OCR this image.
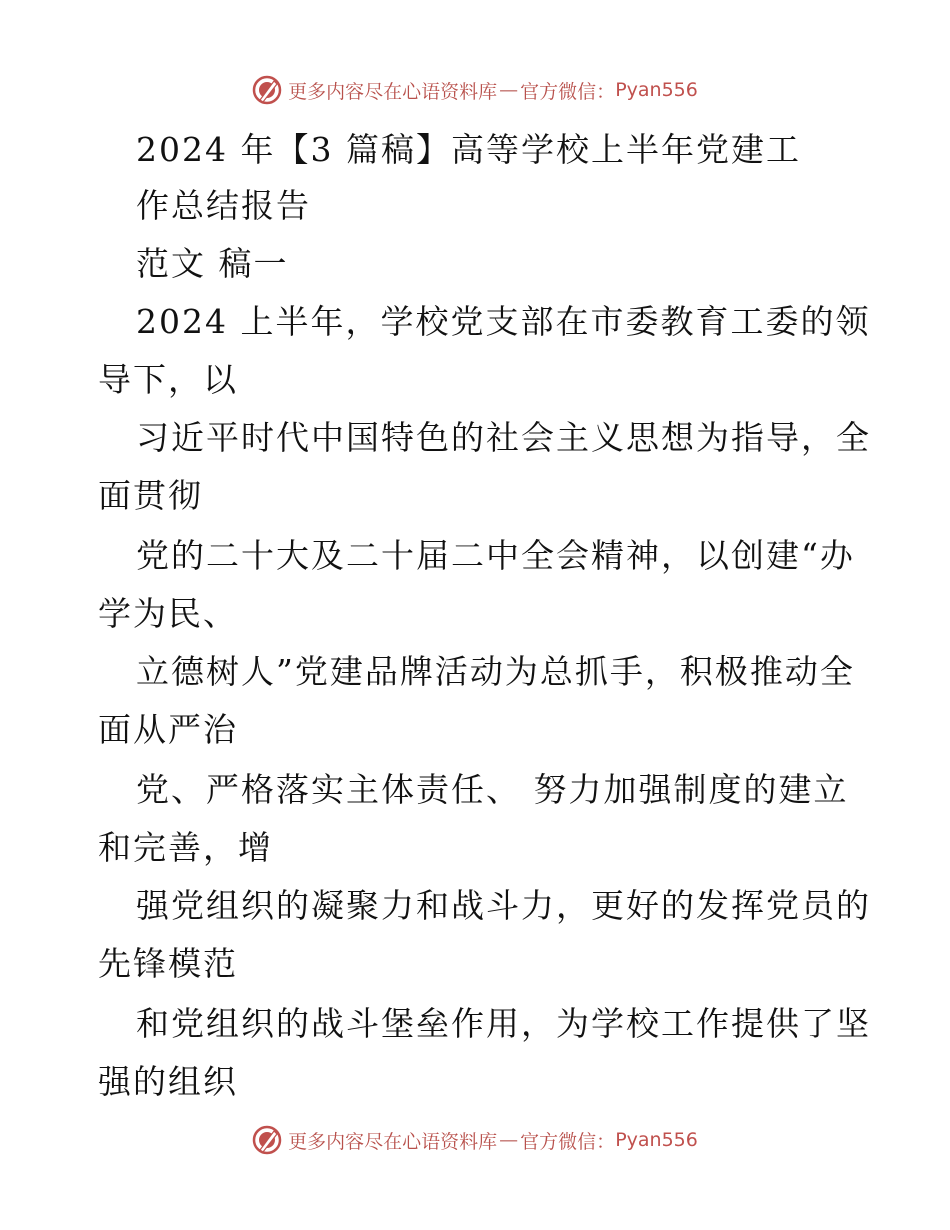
更多内容尽在心语资料库 — 官方微信： Pyan556
2024 年【3 篇稿】高等学校上半年党建工
作总结报告
范文 稿一
2024 上半年，学校党支部在市委教育工委的领
导下，以
习近平时代中国特色的社会主义思想为指导，全
面贯彻
党的二十大及二十届二中全会精神，以创建“办
学为民、
立德树人”党建品牌活动为总抓手，积极推动全
面从严治
党、严格落实主体责任、 努力加强制度的建立
和完善，增
强党组织的凝聚力和战斗力，更好的发挥党员的
先锋模范
和党组织的战斗堡垒作用，为学校工作提供了坚
强的组织
更多内容尽在心语资料库 — 官方微信： Pyan556
